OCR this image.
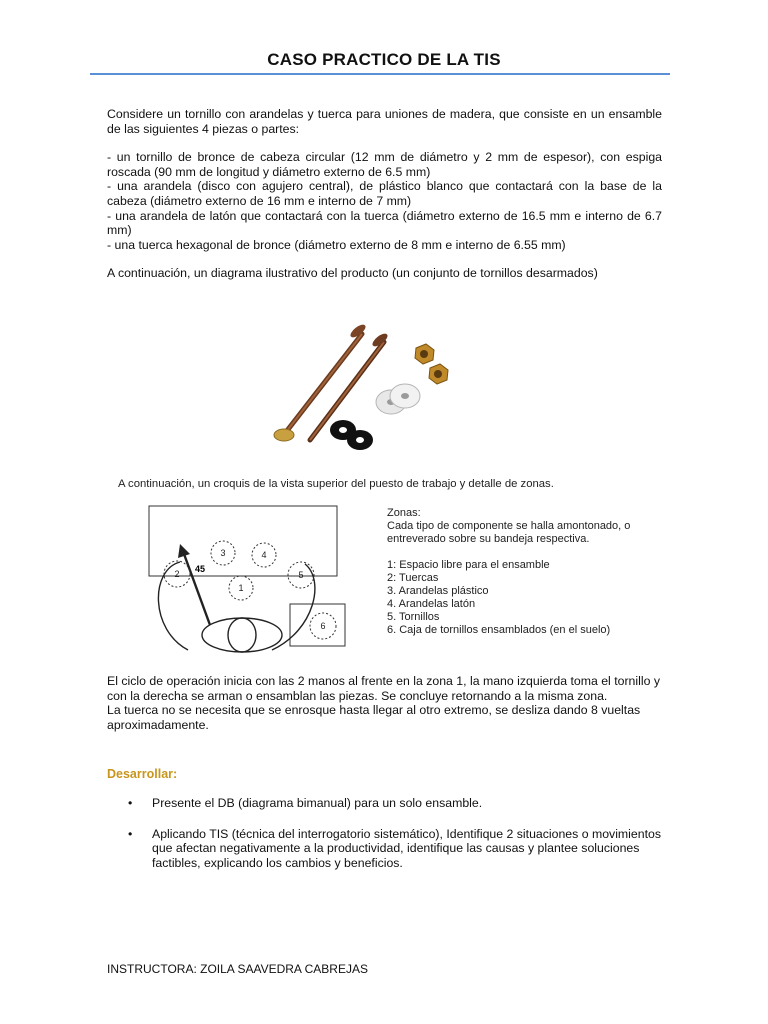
CASO PRACTICO DE LA TIS

Considere un tornillo con arandelas y tuerca para uniones de madera, que consiste en un ensamble de las siguientes 4 piezas o partes:

- un tornillo de bronce de cabeza circular (12 mm de diámetro y 2 mm de espesor), con espiga roscada (90 mm de longitud y diámetro externo de 6.5 mm)

- una arandela (disco con agujero central), de plástico blanco que contactará con la base de la cabeza (diámetro externo de 16 mm e interno de 7 mm)

- una arandela de latón que contactará con la tuerca (diámetro externo de 16.5 mm e interno de 6.7 mm)

- una tuerca hexagonal de bronce (diámetro externo de 8 mm e interno de 6.55 mm)

A continuación, un diagrama ilustrativo del producto (un conjunto de tornillos desarmados)

A continuación, un croquis de la vista superior del puesto de trabajo y detalle de zonas.
45
1
2
3	4
5
6

Zonas:

Cada tipo de componente se halla amontonado, o entreverado sobre su bandeja respectiva.

1: Espacio libre para el ensamble

2: Tuercas

3. Arandelas plástico

4. Arandelas latón

5. Tornillos

6. Caja de tornillos ensamblados (en el suelo)

El ciclo de operación inicia con las 2 manos al frente en la zona 1, la mano izquierda toma el tornillo y con la derecha se arman o ensamblan las piezas. Se concluye retornando a la misma zona.

La tuerca no se necesita que se enrosque hasta llegar al otro extremo, se desliza dando 8 vueltas aproximadamente.

Desarrollar:
•	Presente el DB (diagrama bimanual) para un solo ensamble.
•	Aplicando TIS (técnica del interrogatorio sistemático), Identifique 2 situaciones o movimientos que afectan negativamente a la productividad, identifique las causas y plantee soluciones factibles, explicando los cambios y beneficios.
INSTRUCTORA: ZOILA SAAVEDRA CABREJAS
